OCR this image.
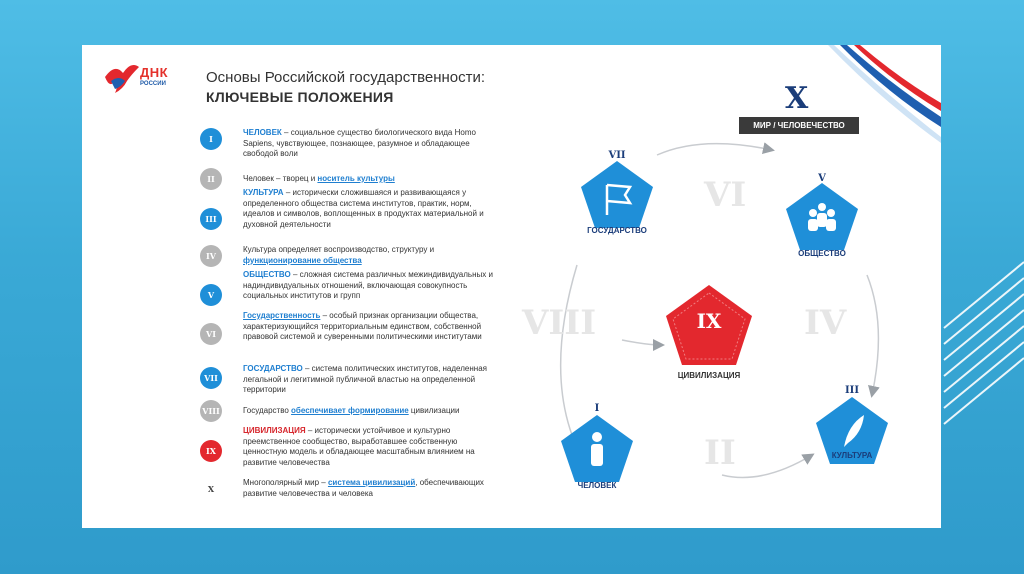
ДНК
РОССИИ	Основы Российской государственности:
КЛЮЧЕВЫЕ ПОЛОЖЕНИЯ
I
ЧЕЛОВЕК – социальное существо биологического вида Homo Sapiens, чувствующее, познающее, разумное и обладающее свободой воли
II	Человек – творец и носитель культуры
III
КУЛЬТУРА – исторически сложившаяся и развивающаяся у определенного общества система институтов, практик, норм, идеалов и символов, воплощенных в продуктах материальной и духовной деятельности
IV
Культура определяет воспроизводство, структуру и функционирование общества
V
ОБЩЕСТВО – сложная система различных межиндивидуальных и надиндивидуальных отношений, включающая совокупность социальных институтов и групп
VI
Государственность – особый признак организации общества, характеризующийся территориальным единством, собственной правовой системой и суверенными политическими институтами
VII
ГОСУДАРСТВО – система политических институтов, наделенная легальной и легитимной публичной властью на определенной территории
VIII	Государство обеспечивает формирование цивилизации
IX
ЦИВИЛИЗАЦИЯ – исторически устойчивое и культурно преемственное сообщество, выработавшее собственную ценностную модель и обладающее масштабным влиянием на развитие человечества
X
Многополярный мир – система цивилизаций, обеспечивающих развитие человечества и человека
VI
VIII	IV
II
X
МИР / ЧЕЛОВЕЧЕСТВО
VII
ГОСУДАРСТВО
V
ОБЩЕСТВО
IX
ЦИВИЛИЗАЦИЯ
I
ЧЕЛОВЕК
III
КУЛЬТУРА
